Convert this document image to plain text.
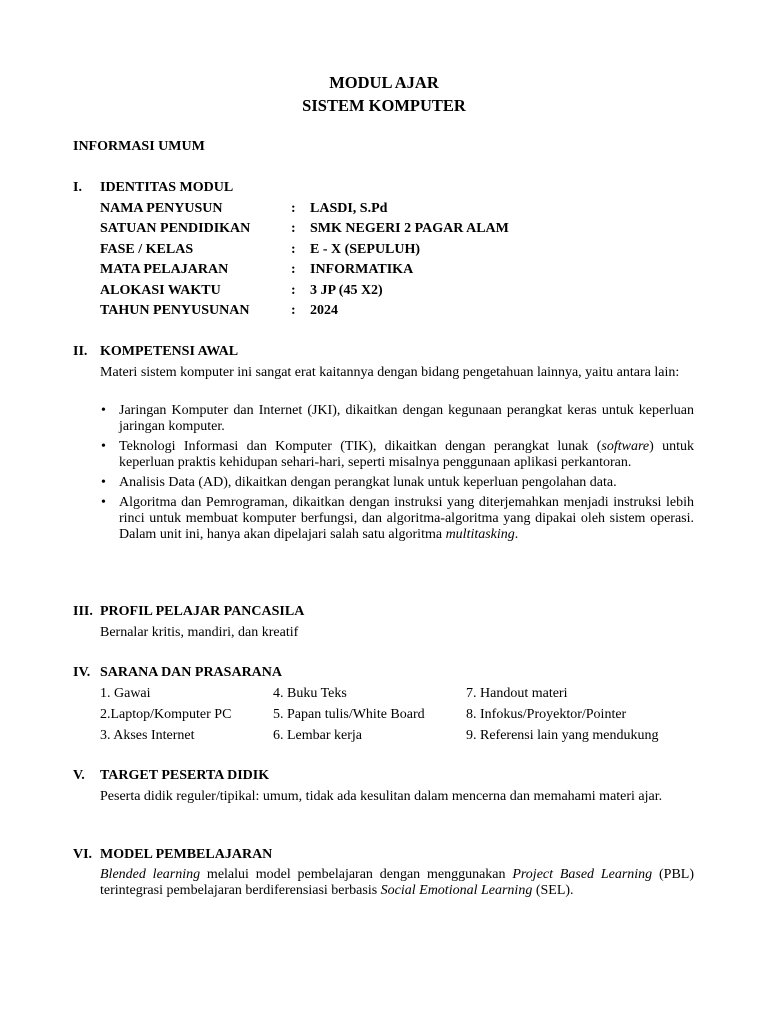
MODUL AJAR
SISTEM KOMPUTER
INFORMASI UMUM
I. IDENTITAS MODUL
NAMA PENYUSUN	: LASDI, S.Pd
SATUAN PENDIDIKAN	: SMK NEGERI 2 PAGAR ALAM
FASE / KELAS	: E - X (SEPULUH)
MATA PELAJARAN	: INFORMATIKA
ALOKASI WAKTU	: 3 JP (45 X2)
TAHUN PENYUSUNAN	: 2024
II. KOMPETENSI AWAL
Materi sistem komputer ini sangat erat kaitannya dengan bidang pengetahuan lainnya, yaitu antara lain:
• Jaringan Komputer dan Internet (JKI), dikaitkan dengan kegunaan perangkat keras untuk keperluan jaringan komputer.
• Teknologi Informasi dan Komputer (TIK), dikaitkan dengan perangkat lunak (software) untuk keperluan praktis kehidupan sehari-hari, seperti misalnya penggunaan aplikasi perkantoran.
• Analisis Data (AD), dikaitkan dengan perangkat lunak untuk keperluan pengolahan data.
• Algoritma dan Pemrograman, dikaitkan dengan instruksi yang diterjemahkan menjadi instruksi lebih rinci untuk membuat komputer berfungsi, dan algoritma-algoritma yang dipakai oleh sistem operasi. Dalam unit ini, hanya akan dipelajari salah satu algoritma multitasking.
III. PROFIL PELAJAR PANCASILA
Bernalar kritis, mandiri, dan kreatif
IV. SARANA DAN PRASARANA
1. Gawai	4. Buku Teks	7. Handout materi
2.Laptop/Komputer PC	5. Papan tulis/White Board	8. Infokus/Proyektor/Pointer
3. Akses Internet	6. Lembar kerja	9. Referensi lain yang mendukung
V. TARGET PESERTA DIDIK
Peserta didik reguler/tipikal: umum, tidak ada kesulitan dalam mencerna dan memahami materi ajar.
VI. MODEL PEMBELAJARAN
Blended learning melalui model pembelajaran dengan menggunakan Project Based Learning (PBL) terintegrasi pembelajaran berdiferensiasi berbasis Social Emotional Learning (SEL).
